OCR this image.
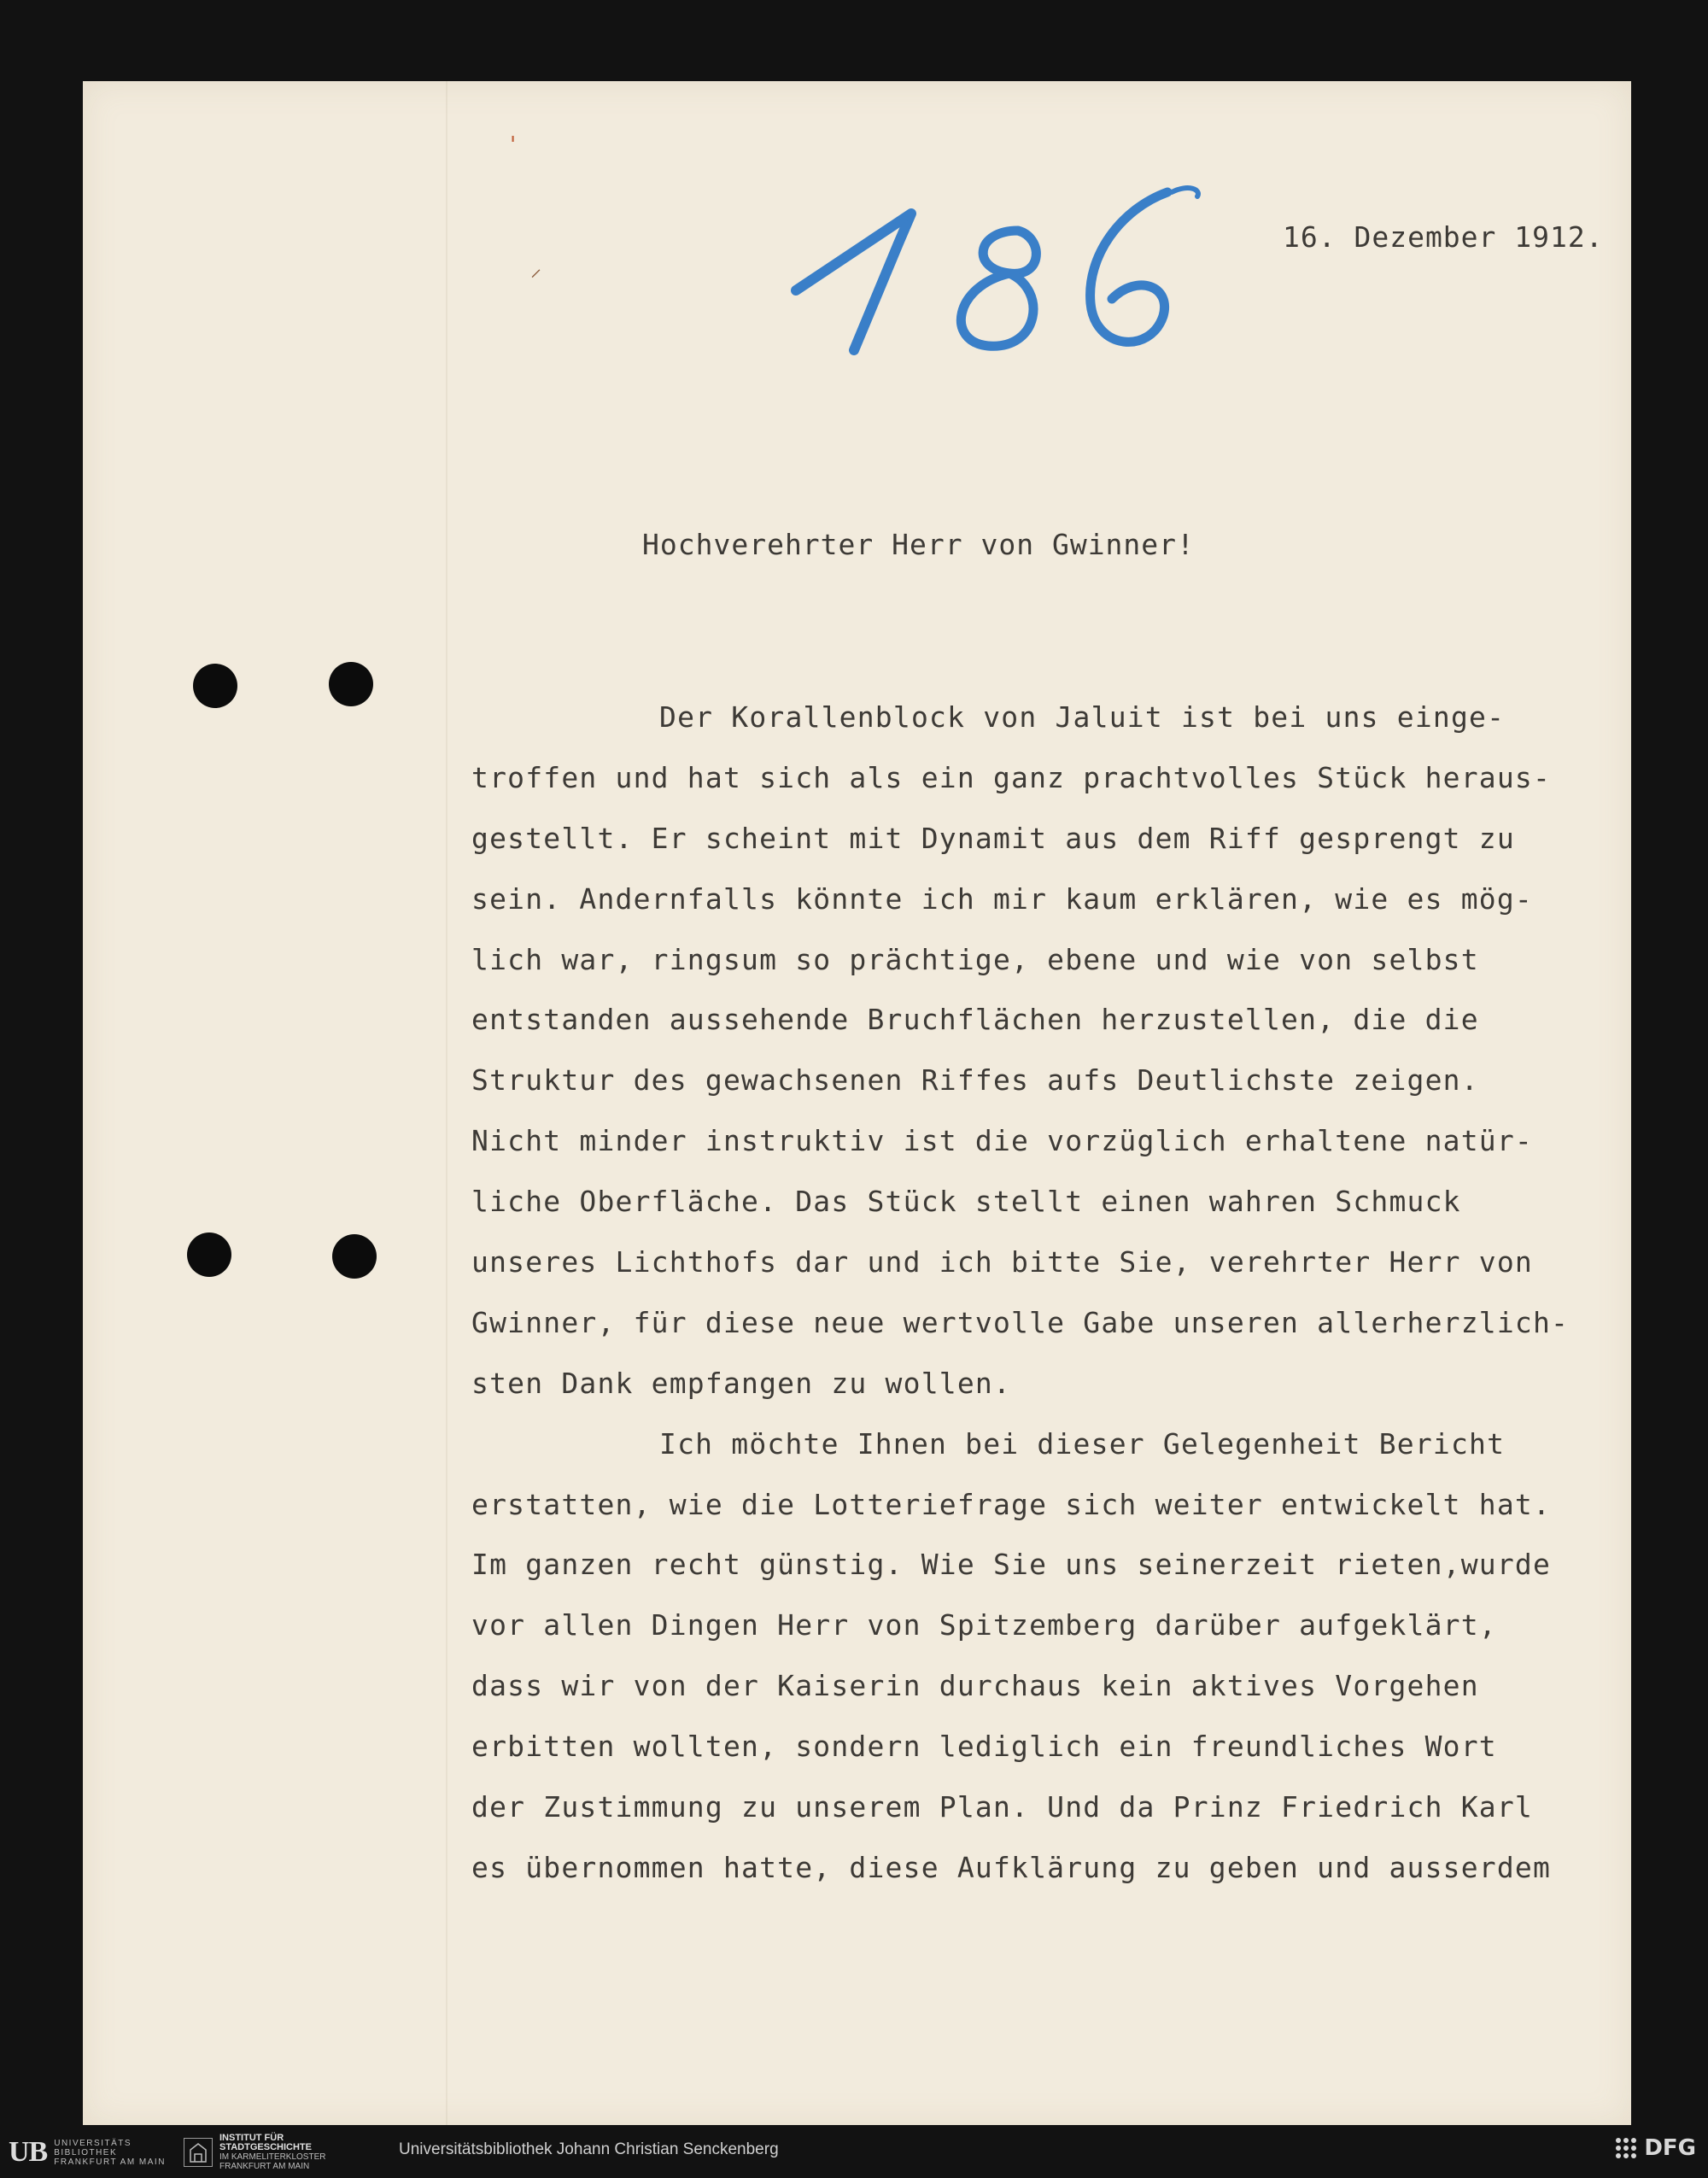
'
⸝
16. Dezember 1912.
Hochverehrter Herr von Gwinner!
Der Korallenblock von Jaluit ist bei uns einge-
troffen und hat sich als ein ganz prachtvolles Stück heraus-
gestellt. Er scheint mit Dynamit aus dem Riff gesprengt zu
sein. Andernfalls könnte ich mir kaum erklären, wie es mög-
lich war, ringsum so prächtige, ebene und wie von selbst
entstanden aussehende Bruchflächen herzustellen, die die
Struktur des gewachsenen Riffes aufs Deutlichste zeigen.
Nicht minder instruktiv ist die vorzüglich erhaltene natür-
liche Oberfläche. Das Stück stellt einen wahren Schmuck
unseres Lichthofs dar und ich bitte Sie, verehrter Herr von
Gwinner, für diese neue wertvolle Gabe unseren allerherzlich-
sten Dank empfangen zu wollen.
Ich möchte Ihnen bei dieser Gelegenheit Bericht
erstatten, wie die Lotteriefrage sich weiter entwickelt hat.
Im ganzen recht günstig. Wie Sie uns seinerzeit rieten,wurde
vor allen Dingen Herr von Spitzemberg darüber aufgeklärt,
dass wir von der Kaiserin durchaus kein aktives Vorgehen
erbitten wollten, sondern lediglich ein freundliches Wort
der Zustimmung zu unserem Plan. Und da Prinz Friedrich Karl
es übernommen hatte, diese Aufklärung zu geben und ausserdem
UB UNIVERSITÄTS
BIBLIOTHEK
FRANKFURT AM MAIN
INSTITUT FÜR
STADTGESCHICHTE
IM KARMELITERKLOSTER
FRANKFURT AM MAIN
Universitätsbibliothek Johann Christian Senckenberg	DFG
